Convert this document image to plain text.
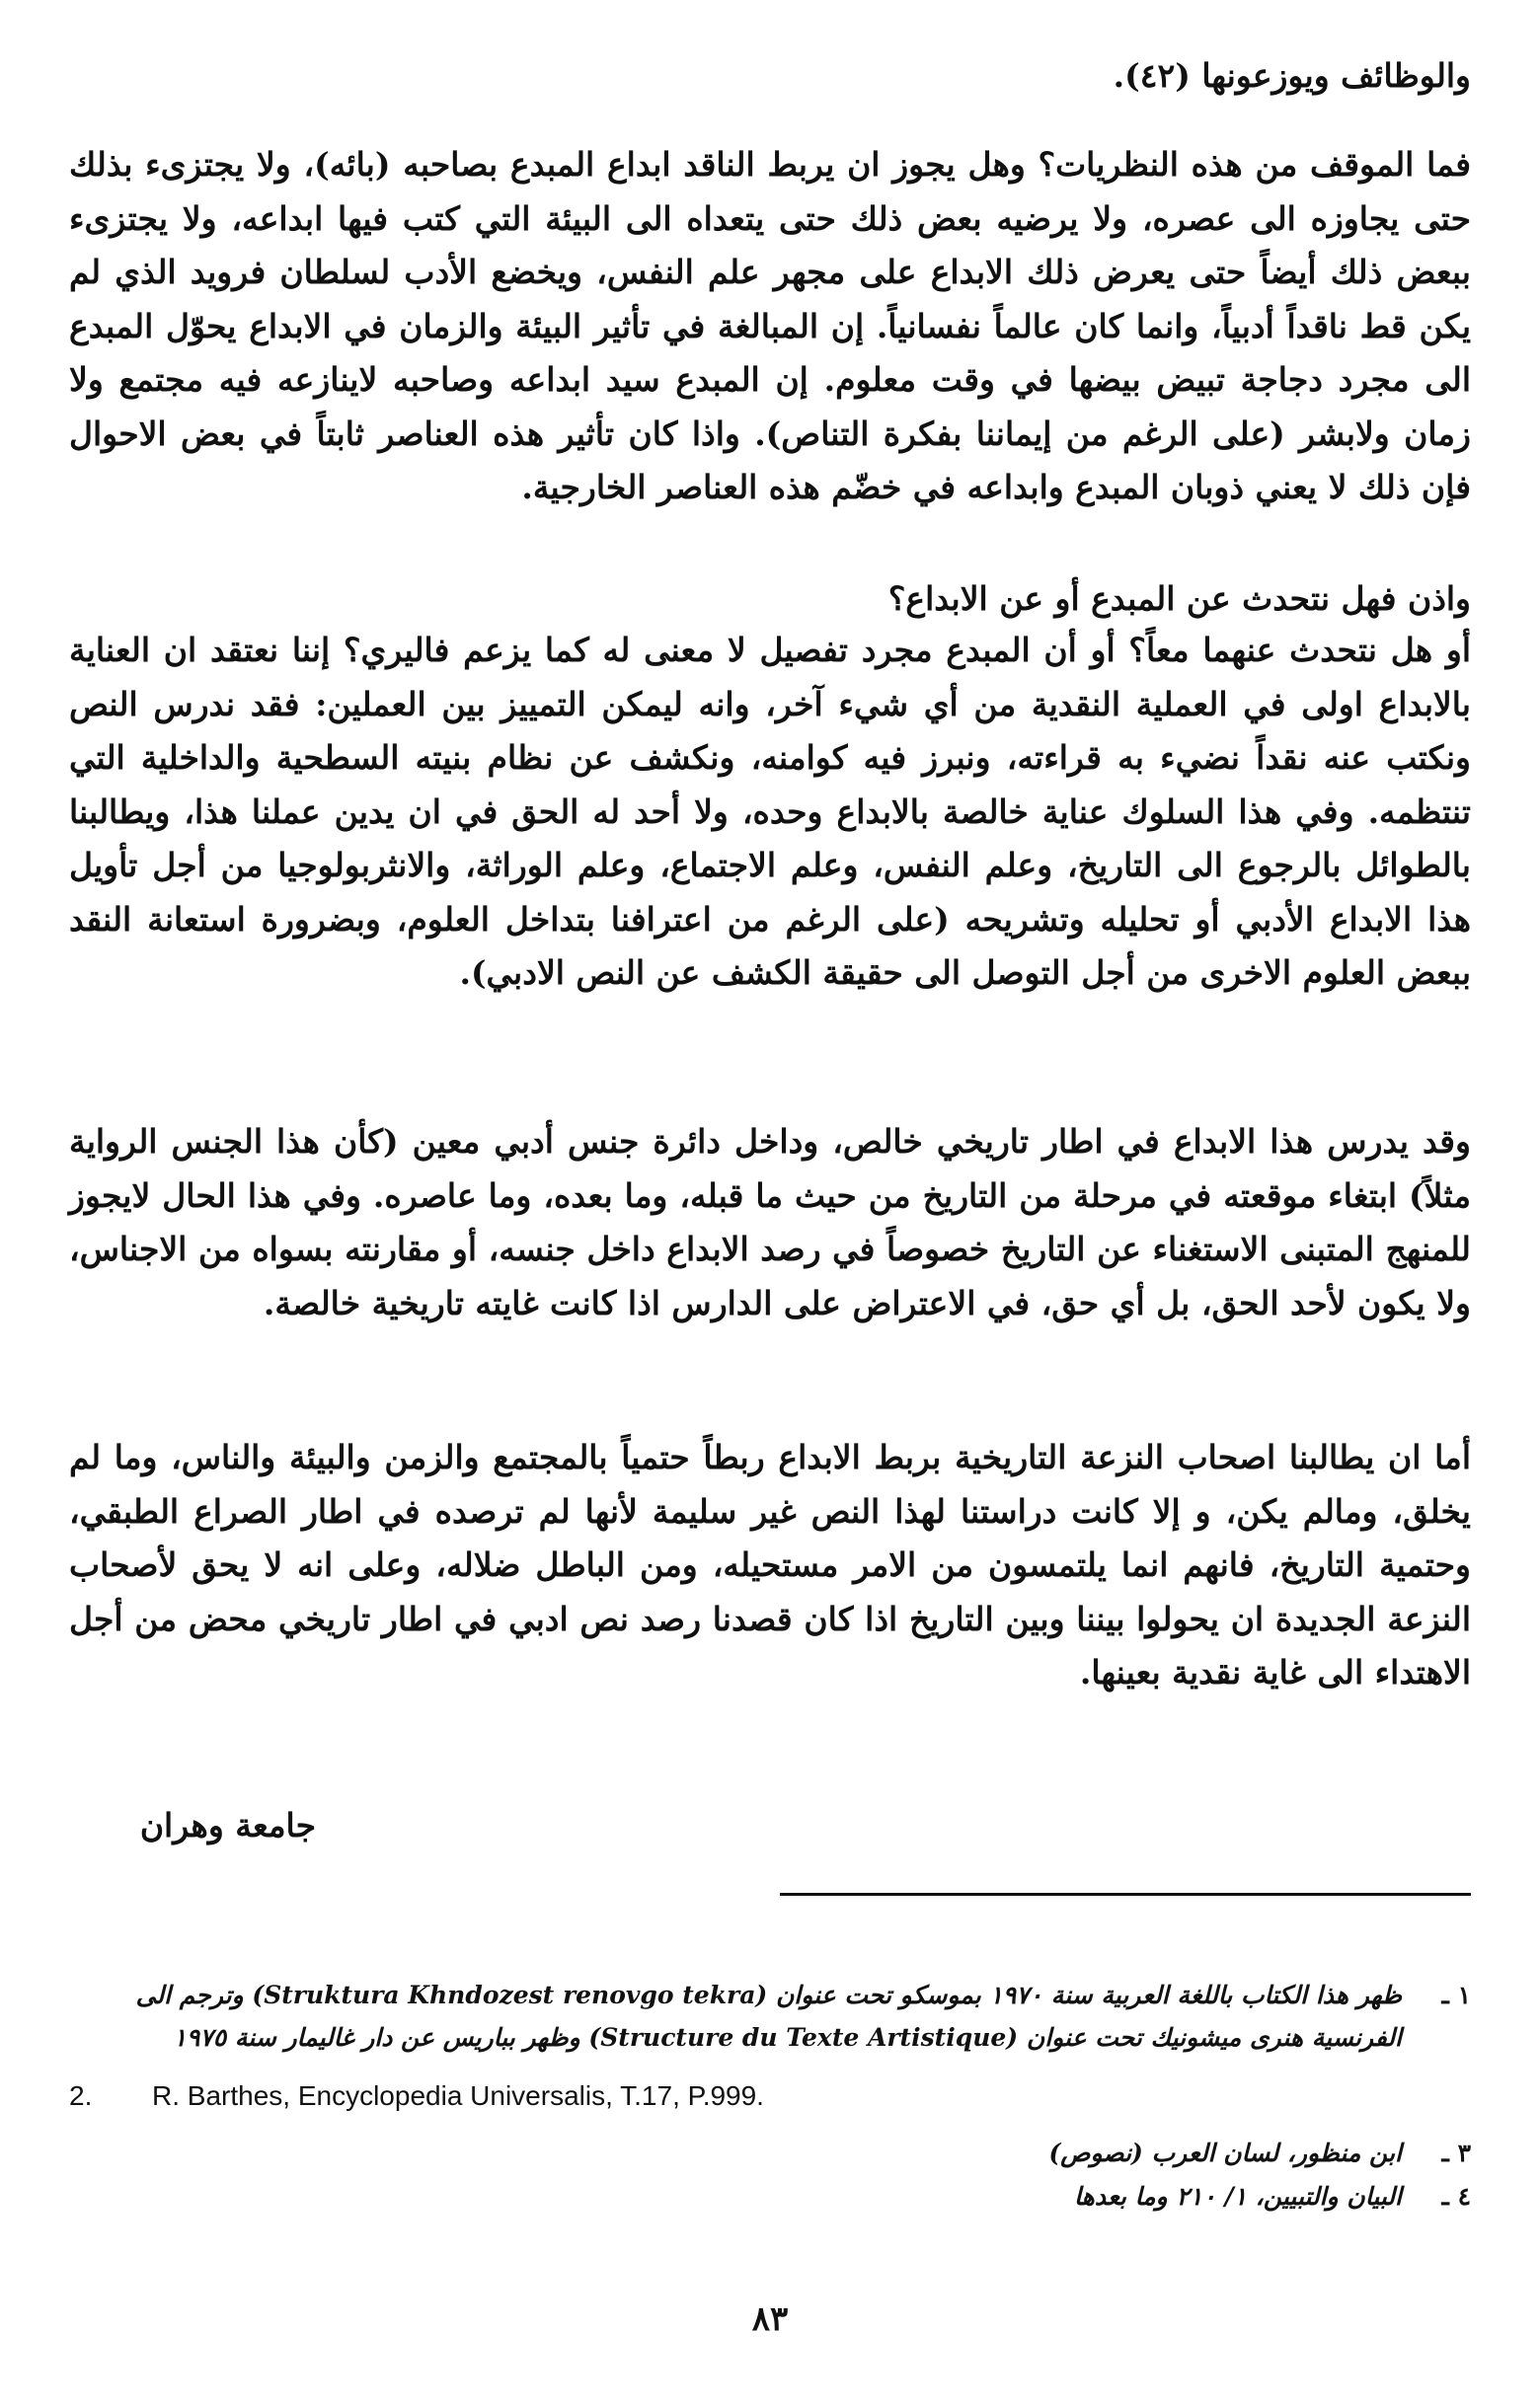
والوظائف ويوزعونها (٤٢).

فما الموقف من هذه النظريات؟ وهل يجوز ان يربط الناقد ابداع المبدع بصاحبه (بائه)، ولا يجتزىء بذلك حتى يجاوزه الى عصره، ولا يرضيه بعض ذلك حتى يتعداه الى البيئة التي كتب فيها ابداعه، ولا يجتزىء ببعض ذلك أيضاً حتى يعرض ذلك الابداع على مجهر علم النفس، ويخضع الأدب لسلطان فرويد الذي لم يكن قط ناقداً أدبياً، وانما كان عالماً نفسانياً. إن المبالغة في تأثير البيئة والزمان في الابداع يحوّل المبدع الى مجرد دجاجة تبيض بيضها في وقت معلوم. إن المبدع سيد ابداعه وصاحبه لاينازعه فيه مجتمع ولا زمان ولابشر (على الرغم من إيماننا بفكرة التناص). واذا كان تأثير هذه العناصر ثابتاً في بعض الاحوال فإن ذلك لا يعني ذوبان المبدع وابداعه في خضّم هذه العناصر الخارجية.

واذن فهل نتحدث عن المبدع أو عن الابداع؟

أو هل نتحدث عنهما معاً؟ أو أن المبدع مجرد تفصيل لا معنى له كما يزعم فاليري؟ إننا نعتقد ان العناية بالابداع اولى في العملية النقدية من أي شيء آخر، وانه ليمكن التمييز بين العملين: فقد ندرس النص ونكتب عنه نقداً نضيء به قراءته، ونبرز فيه كوامنه، ونكشف عن نظام بنيته السطحية والداخلية التي تنتظمه. وفي هذا السلوك عناية خالصة بالابداع وحده، ولا أحد له الحق في ان يدين عملنا هذا، ويطالبنا بالطوائل بالرجوع الى التاريخ، وعلم النفس، وعلم الاجتماع، وعلم الوراثة، والانثربولوجيا من أجل تأويل هذا الابداع الأدبي أو تحليله وتشريحه (على الرغم من اعترافنا بتداخل العلوم، وبضرورة استعانة النقد ببعض العلوم الاخرى من أجل التوصل الى حقيقة الكشف عن النص الادبي).

وقد يدرس هذا الابداع في اطار تاريخي خالص، وداخل دائرة جنس أدبي معين (كأن هذا الجنس الرواية مثلاً) ابتغاء موقعته في مرحلة من التاريخ من حيث ما قبله، وما بعده، وما عاصره. وفي هذا الحال لايجوز للمنهج المتبنى الاستغناء عن التاريخ خصوصاً في رصد الابداع داخل جنسه، أو مقارنته بسواه من الاجناس، ولا يكون لأحد الحق، بل أي حق، في الاعتراض على الدارس اذا كانت غايته تاريخية خالصة.

أما ان يطالبنا اصحاب النزعة التاريخية بربط الابداع ربطاً حتمياً بالمجتمع والزمن والبيئة والناس، وما لم يخلق، ومالم يكن، و إلا كانت دراستنا لهذا النص غير سليمة لأنها لم ترصده في اطار الصراع الطبقي، وحتمية التاريخ، فانهم انما يلتمسون من الامر مستحيله، ومن الباطل ضلاله، وعلى انه لا يحق لأصحاب النزعة الجديدة ان يحولوا بيننا وبين التاريخ اذا كان قصدنا رصد نص ادبي في اطار تاريخي محض من أجل الاهتداء الى غاية نقدية بعينها.

جامعة وهران
١ ـظهر هذا الكتاب باللغة العربية سنة ١٩٧٠ بموسكو تحت عنوان (Struktura Khndozest renovgo tekra) وترجم الى
الفرنسية هنرى ميشونيك تحت عنوان (Structure du Texte Artistique) وظهر بباريس عن دار غاليمار سنة ١٩٧٥
2. R. Barthes, Encyclopedia Universalis, T.17, P.999.
٣ ـابن منظور، لسان العرب (نصوص)
٤ ـالبيان والتبيين، ١/ ٢١٠ وما بعدها
٨٣
